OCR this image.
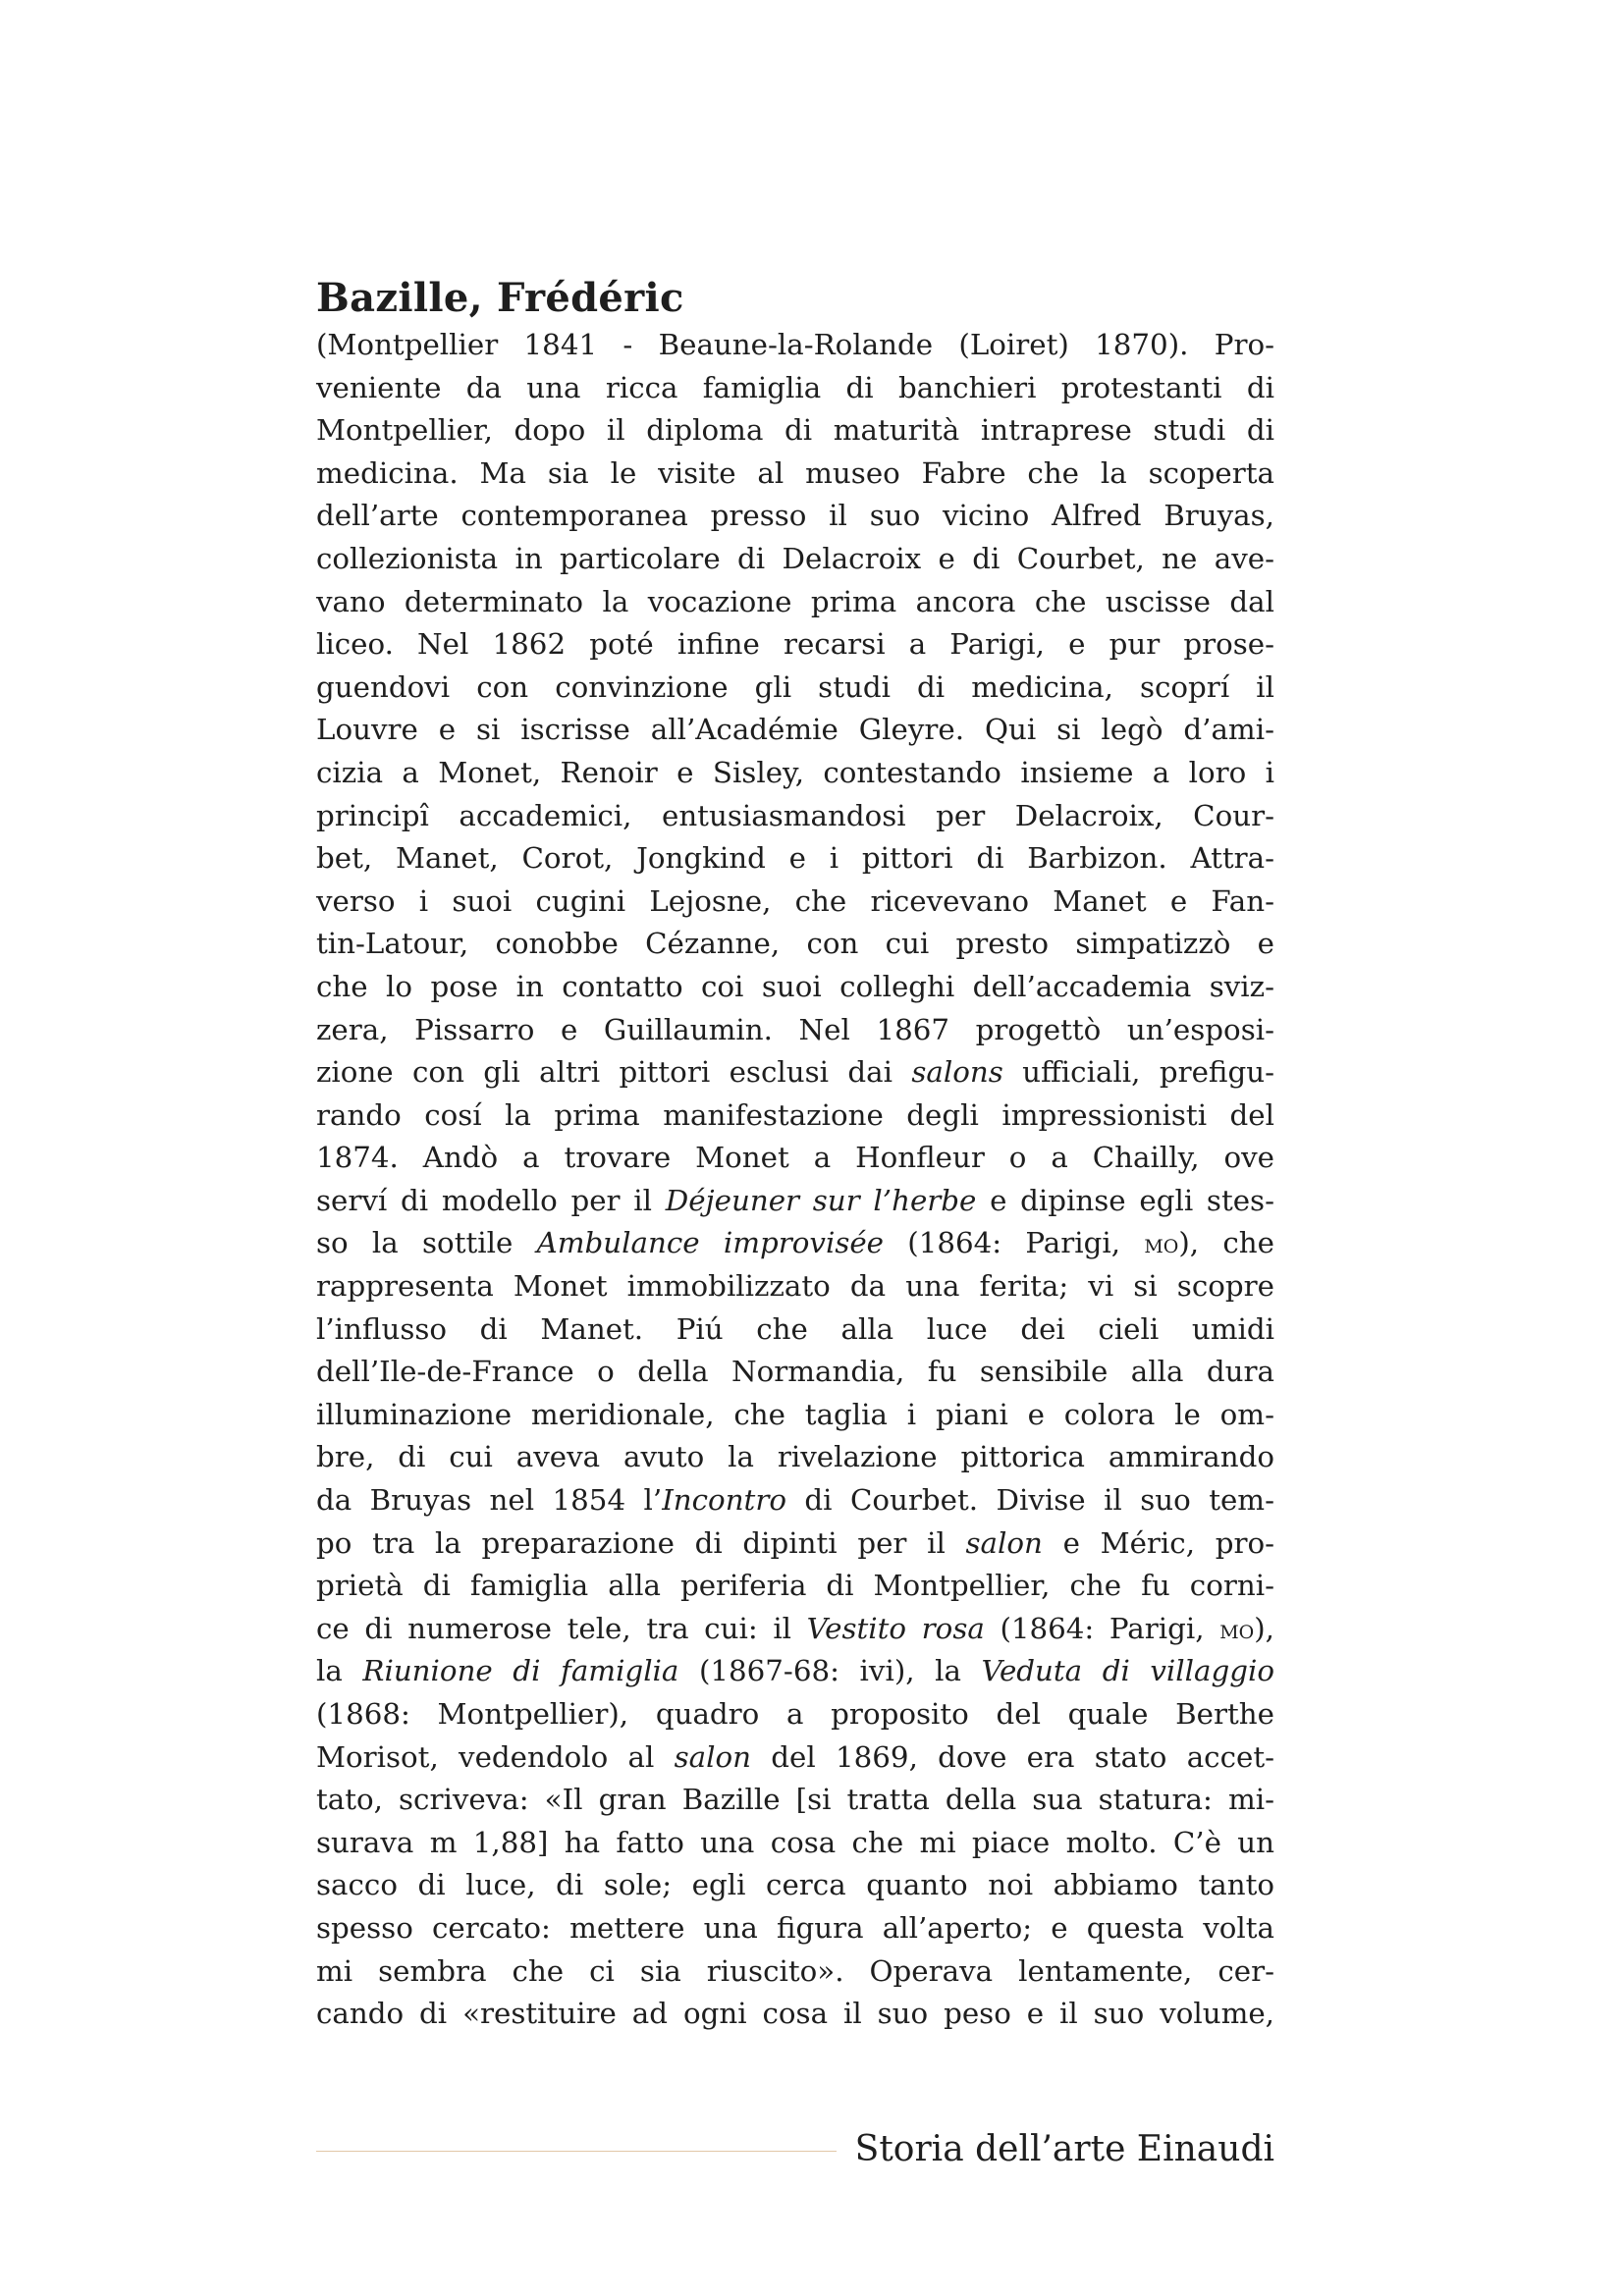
Bazille, Frédéric
(Montpellier 1841 - Beaune-la-Rolande (Loiret) 1870). Pro-
veniente da una ricca famiglia di banchieri protestanti di
Montpellier, dopo il diploma di maturità intraprese studi di
medicina. Ma sia le visite al museo Fabre che la scoperta
dell’arte contemporanea presso il suo vicino Alfred Bruyas,
collezionista in particolare di Delacroix e di Courbet, ne ave-
vano determinato la vocazione prima ancora che uscisse dal
liceo. Nel 1862 poté infine recarsi a Parigi, e pur prose-
guendovi con convinzione gli studi di medicina, scoprí il
Louvre e si iscrisse all’Académie Gleyre. Qui si legò d’ami-
cizia a Monet, Renoir e Sisley, contestando insieme a loro i
principî accademici, entusiasmandosi per Delacroix, Cour-
bet, Manet, Corot, Jongkind e i pittori di Barbizon. Attra-
verso i suoi cugini Lejosne, che ricevevano Manet e Fan-
tin-Latour, conobbe Cézanne, con cui presto simpatizzò e
che lo pose in contatto coi suoi colleghi dell’accademia sviz-
zera, Pissarro e Guillaumin. Nel 1867 progettò un’esposi-
zione con gli altri pittori esclusi dai salons ufficiali, prefigu-
rando cosí la prima manifestazione degli impressionisti del
1874. Andò a trovare Monet a Honfleur o a Chailly, ove
serví di modello per il Déjeuner sur l’herbe e dipinse egli stes-
so la sottile Ambulance improvisée (1864: Parigi, mo), che
rappresenta Monet immobilizzato da una ferita; vi si scopre
l’influsso di Manet. Piú che alla luce dei cieli umidi
dell’Ile-de-France o della Normandia, fu sensibile alla dura
illuminazione meridionale, che taglia i piani e colora le om-
bre, di cui aveva avuto la rivelazione pittorica ammirando
da Bruyas nel 1854 l’Incontro di Courbet. Divise il suo tem-
po tra la preparazione di dipinti per il salon e Méric, pro-
prietà di famiglia alla periferia di Montpellier, che fu corni-
ce di numerose tele, tra cui: il Vestito rosa (1864: Parigi, mo),
la Riunione di famiglia (1867-68: ivi), la Veduta di villaggio
(1868: Montpellier), quadro a proposito del quale Berthe
Morisot, vedendolo al salon del 1869, dove era stato accet-
tato, scriveva: «Il gran Bazille [si tratta della sua statura: mi-
surava m 1,88] ha fatto una cosa che mi piace molto. C’è un
sacco di luce, di sole; egli cerca quanto noi abbiamo tanto
spesso cercato: mettere una figura all’aperto; e questa volta
mi sembra che ci sia riuscito». Operava lentamente, cer-
cando di «restituire ad ogni cosa il suo peso e il suo volume,
Storia dell’arte Einaudi
